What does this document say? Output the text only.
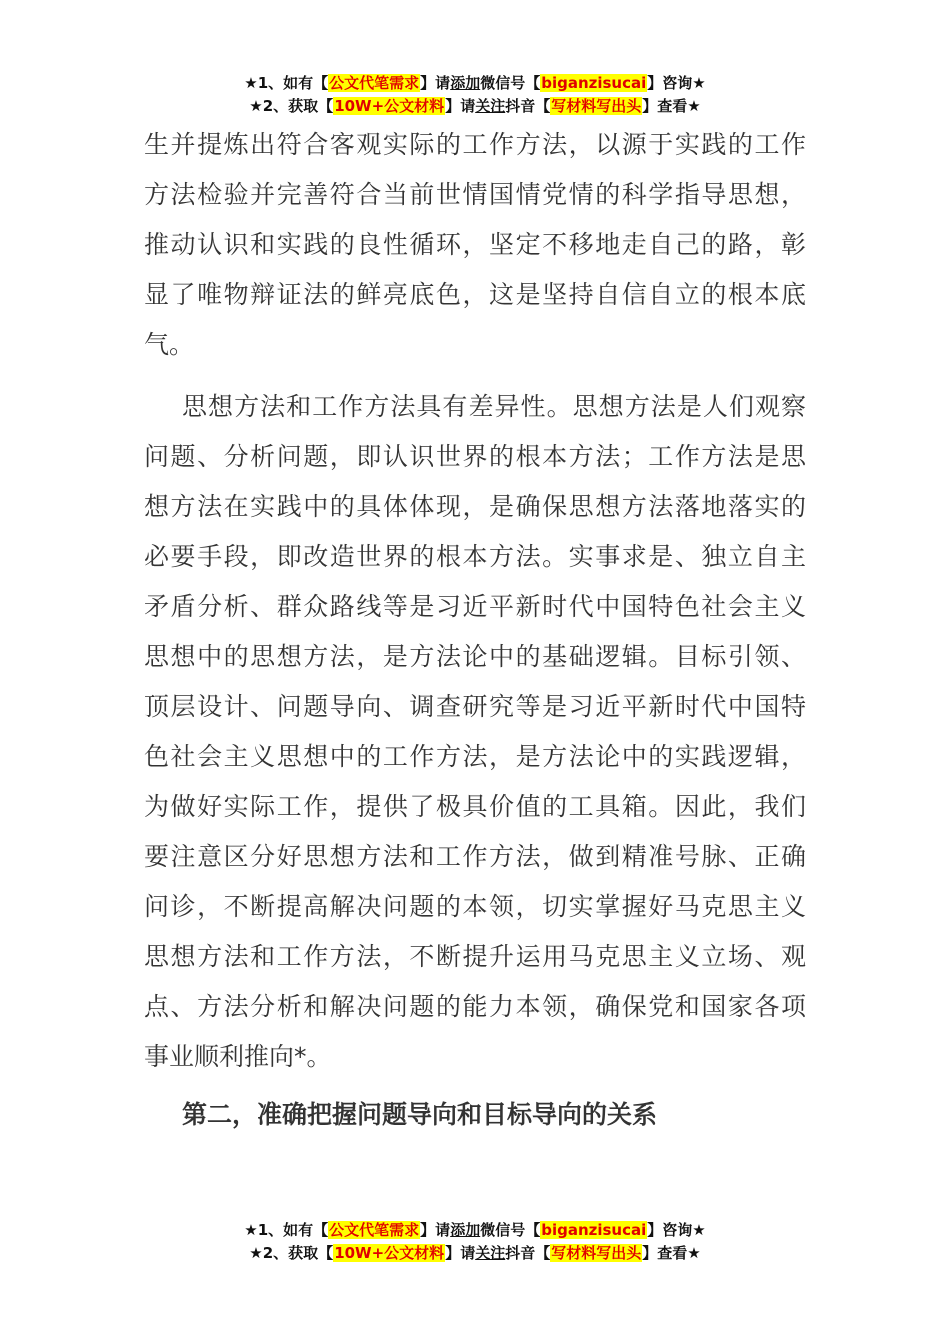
★1、如有【公文代笔需求】请添加微信号【biganzisucai】咨询★
★2、获取【10W+公文材料】请关注抖音【写材料写出头】查看★
生并提炼出符合客观实际的工作方法，以源于实践的工作
方法检验并完善符合当前世情国情党情的科学指导思想，
推动认识和实践的良性循环，坚定不移地走自己的路，彰
显了唯物辩证法的鲜亮底色，这是坚持自信自立的根本底
气。
思想方法和工作方法具有差异性。思想方法是人们观察
问题、分析问题，即认识世界的根本方法；工作方法是思
想方法在实践中的具体体现，是确保思想方法落地落实的
必要手段，即改造世界的根本方法。实事求是、独立自主
矛盾分析、群众路线等是习近平新时代中国特色社会主义
思想中的思想方法，是方法论中的基础逻辑。目标引领、
顶层设计、问题导向、调查研究等是习近平新时代中国特
色社会主义思想中的工作方法，是方法论中的实践逻辑，
为做好实际工作，提供了极具价值的工具箱。因此，我们
要注意区分好思想方法和工作方法，做到精准号脉、正确
问诊，不断提高解决问题的本领，切实掌握好马克思主义
思想方法和工作方法，不断提升运用马克思主义立场、观
点、方法分析和解决问题的能力本领，确保党和国家各项
事业顺利推向*。
第二，准确把握问题导向和目标导向的关系
★1、如有【公文代笔需求】请添加微信号【biganzisucai】咨询★
★2、获取【10W+公文材料】请关注抖音【写材料写出头】查看★
